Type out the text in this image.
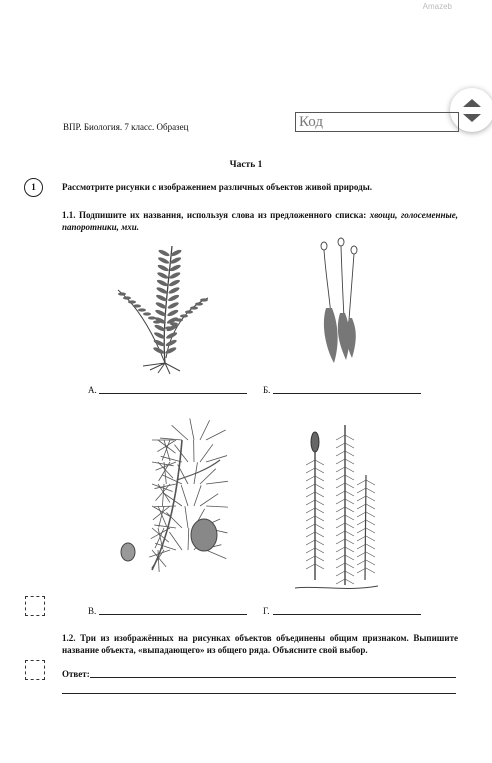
Amazeb
ВПР. Биология. 7 класс. Образец	Код
Часть 1
1	Рассмотрите рисунки с изображением различных объектов живой природы.
1.1. Подпишите их названия, используя слова из предложенного списка: хвощи, голосеменные, папоротники, мхи.
А.	Б.
В.	Г.
1.2. Три из изображённых на рисунках объектов объединены общим признаком. Выпишите название объекта, «выпадающего» из общего ряда. Объясните свой выбор.
Ответ:
